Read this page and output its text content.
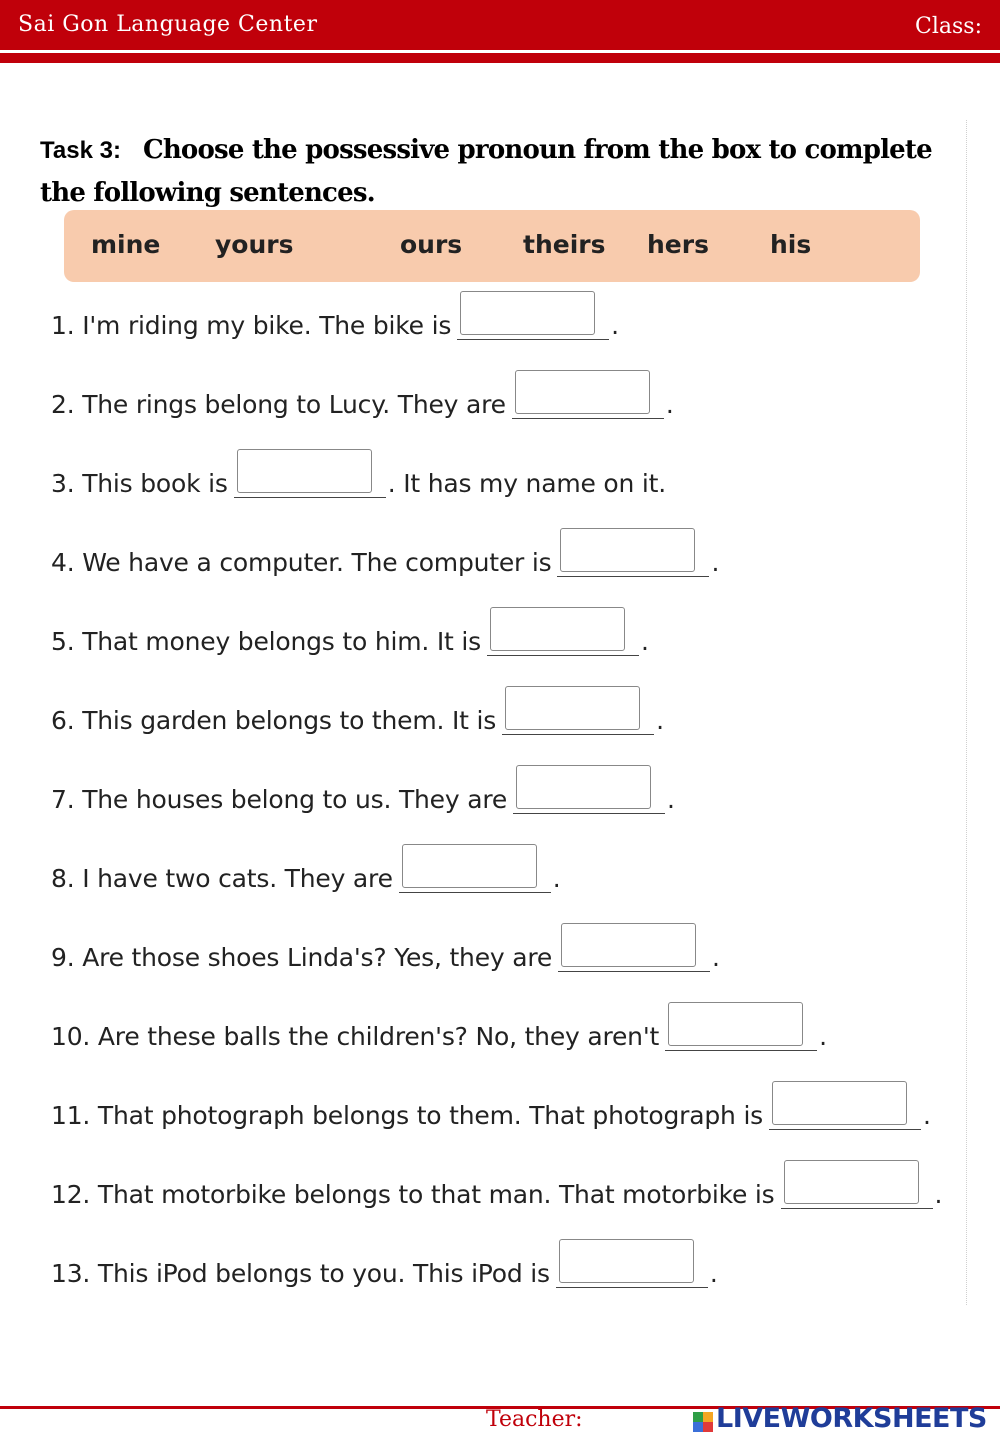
Sai Gon Language Center	Class:
Task 3: Choose the possessive pronoun from the box to complete the following sentences.
mine yours	ours theirs hers his
1. I'm riding my bike. The bike is	.
2. The rings belong to Lucy. They are	.
3. This book is	. It has my name on it.
4. We have a computer. The computer is	.
5. That money belongs to him. It is	.
6. This garden belongs to them. It is	.
7. The houses belong to us. They are	.
8. I have two cats. They are	.
9. Are those shoes Linda's? Yes, they are	.
10. Are these balls the children's? No, they aren't	.
11. That photograph belongs to them. That photograph is	.
12. That motorbike belongs to that man. That motorbike is	.
13. This iPod belongs to you. This iPod is	.
Teacher:	LIVEWORKSHEETS
